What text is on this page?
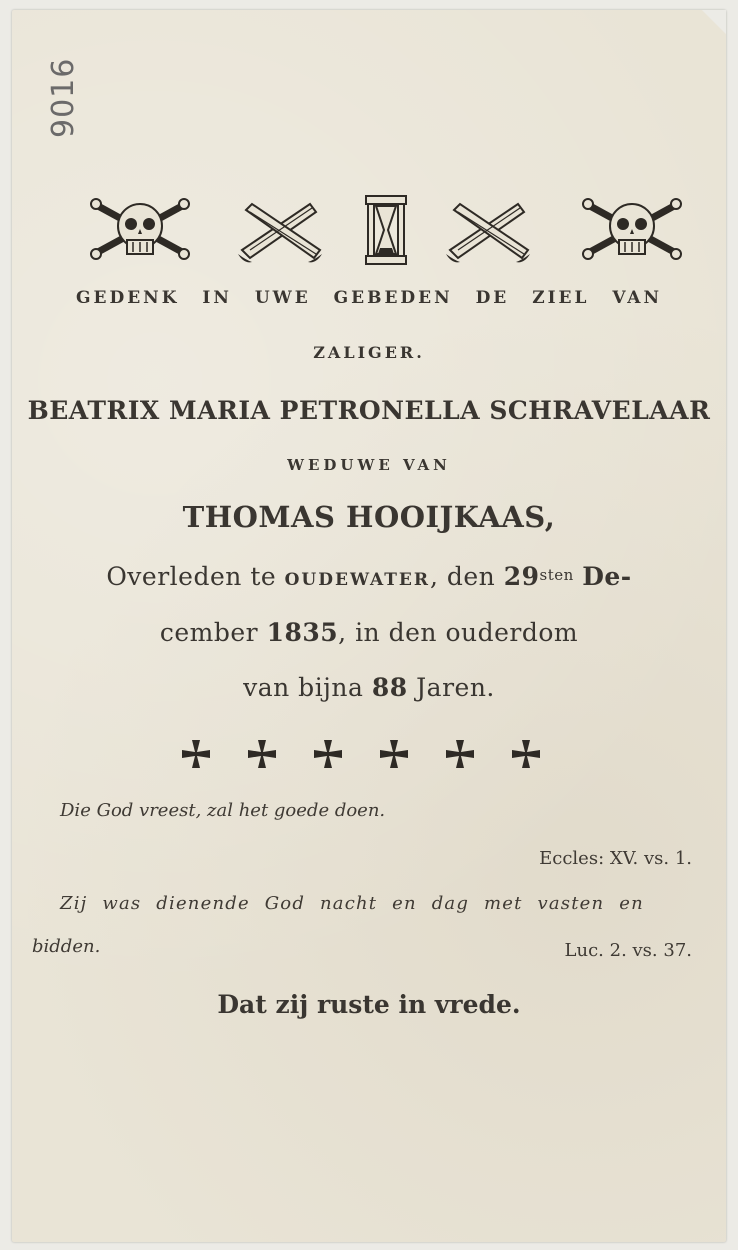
9016
GEDENK IN UWE GEBEDEN DE ZIEL VAN
ZALIGER.
BEATRIX MARIA PETRONELLA SCHRAVELAAR
WEDUWE VAN
THOMAS HOOIJKAAS,
Overleden te OUDEWATER, den $29^{sten}$ De-
cember 1835, in den ouderdom
van bijna 88 Jaren.
Die God vreest, zal het goede doen.
Eccles: XV. vs. 1.
Zij was dienende God nacht en dag met vasten en
bidden.	Luc. 2. vs. 37.
Dat zij ruste in vrede.
